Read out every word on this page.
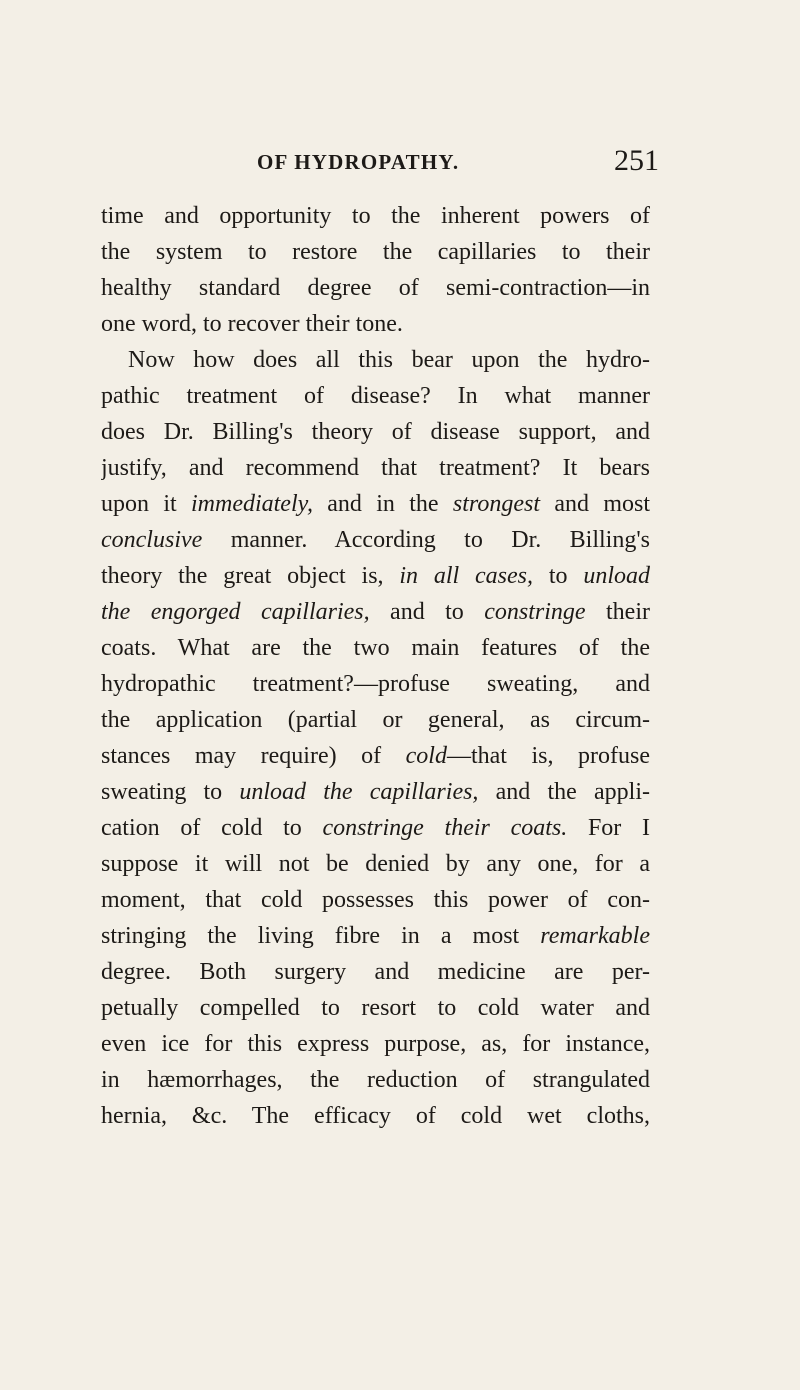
OF HYDROPATHY.	251
time and opportunity to the inherent powers of
the system to restore the capillaries to their
healthy standard degree of semi-contraction—in
one word, to recover their tone.
Now how does all this bear upon the hydro-
pathic treatment of disease? In what manner
does Dr. Billing's theory of disease support, and
justify, and recommend that treatment? It bears
upon it immediately, and in the strongest and most
conclusive manner. According to Dr. Billing's
theory the great object is, in all cases, to unload
the engorged capillaries, and to constringe their
coats. What are the two main features of the
hydropathic treatment?—profuse sweating, and
the application (partial or general, as circum-
stances may require) of cold—that is, profuse
sweating to unload the capillaries, and the appli-
cation of cold to constringe their coats. For I
suppose it will not be denied by any one, for a
moment, that cold possesses this power of con-
stringing the living fibre in a most remarkable
degree. Both surgery and medicine are per-
petually compelled to resort to cold water and
even ice for this express purpose, as, for instance,
in hæmorrhages, the reduction of strangulated
hernia, &c. The efficacy of cold wet cloths,
